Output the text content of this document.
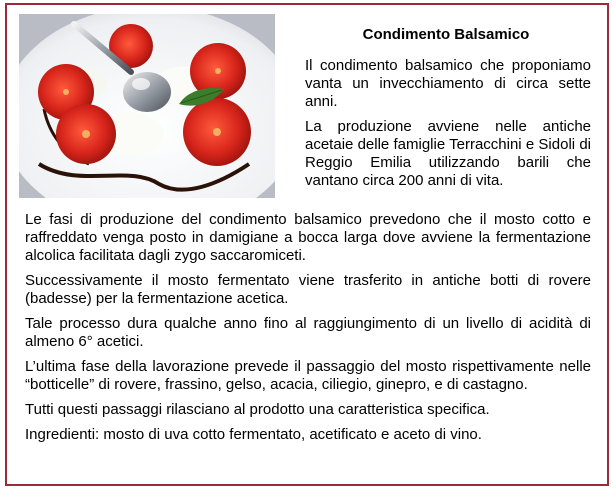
Condimento Balsamico

Il condimento balsamico che proponiamo vanta un invecchiamento di circa sette anni.

La produzione avviene nelle antiche acetaie delle famiglie Terracchini e Sidoli di Reggio Emilia utilizzando barili che vantano circa 200 anni di vita.

Le fasi di produzione del condimento balsamico prevedono che il mosto cotto e raffreddato venga posto in damigiane a bocca larga dove avviene la fermentazione alcolica facilitata dagli zygo saccaromiceti.

Successivamente il mosto fermentato viene trasferito in antiche botti di rovere (badesse) per la fermentazione acetica.

Tale processo dura qualche anno fino al raggiungimento di un livello di acidità di almeno 6° acetici.

L’ultima fase della lavorazione prevede il passaggio del mosto rispettivamente nelle “botticelle” di rovere, frassino, gelso, acacia, ciliegio, ginepro, e di castagno.

Tutti questi passaggi rilasciano al prodotto una caratteristica specifica.

Ingredienti: mosto di uva cotto fermentato, acetificato e aceto di vino.
